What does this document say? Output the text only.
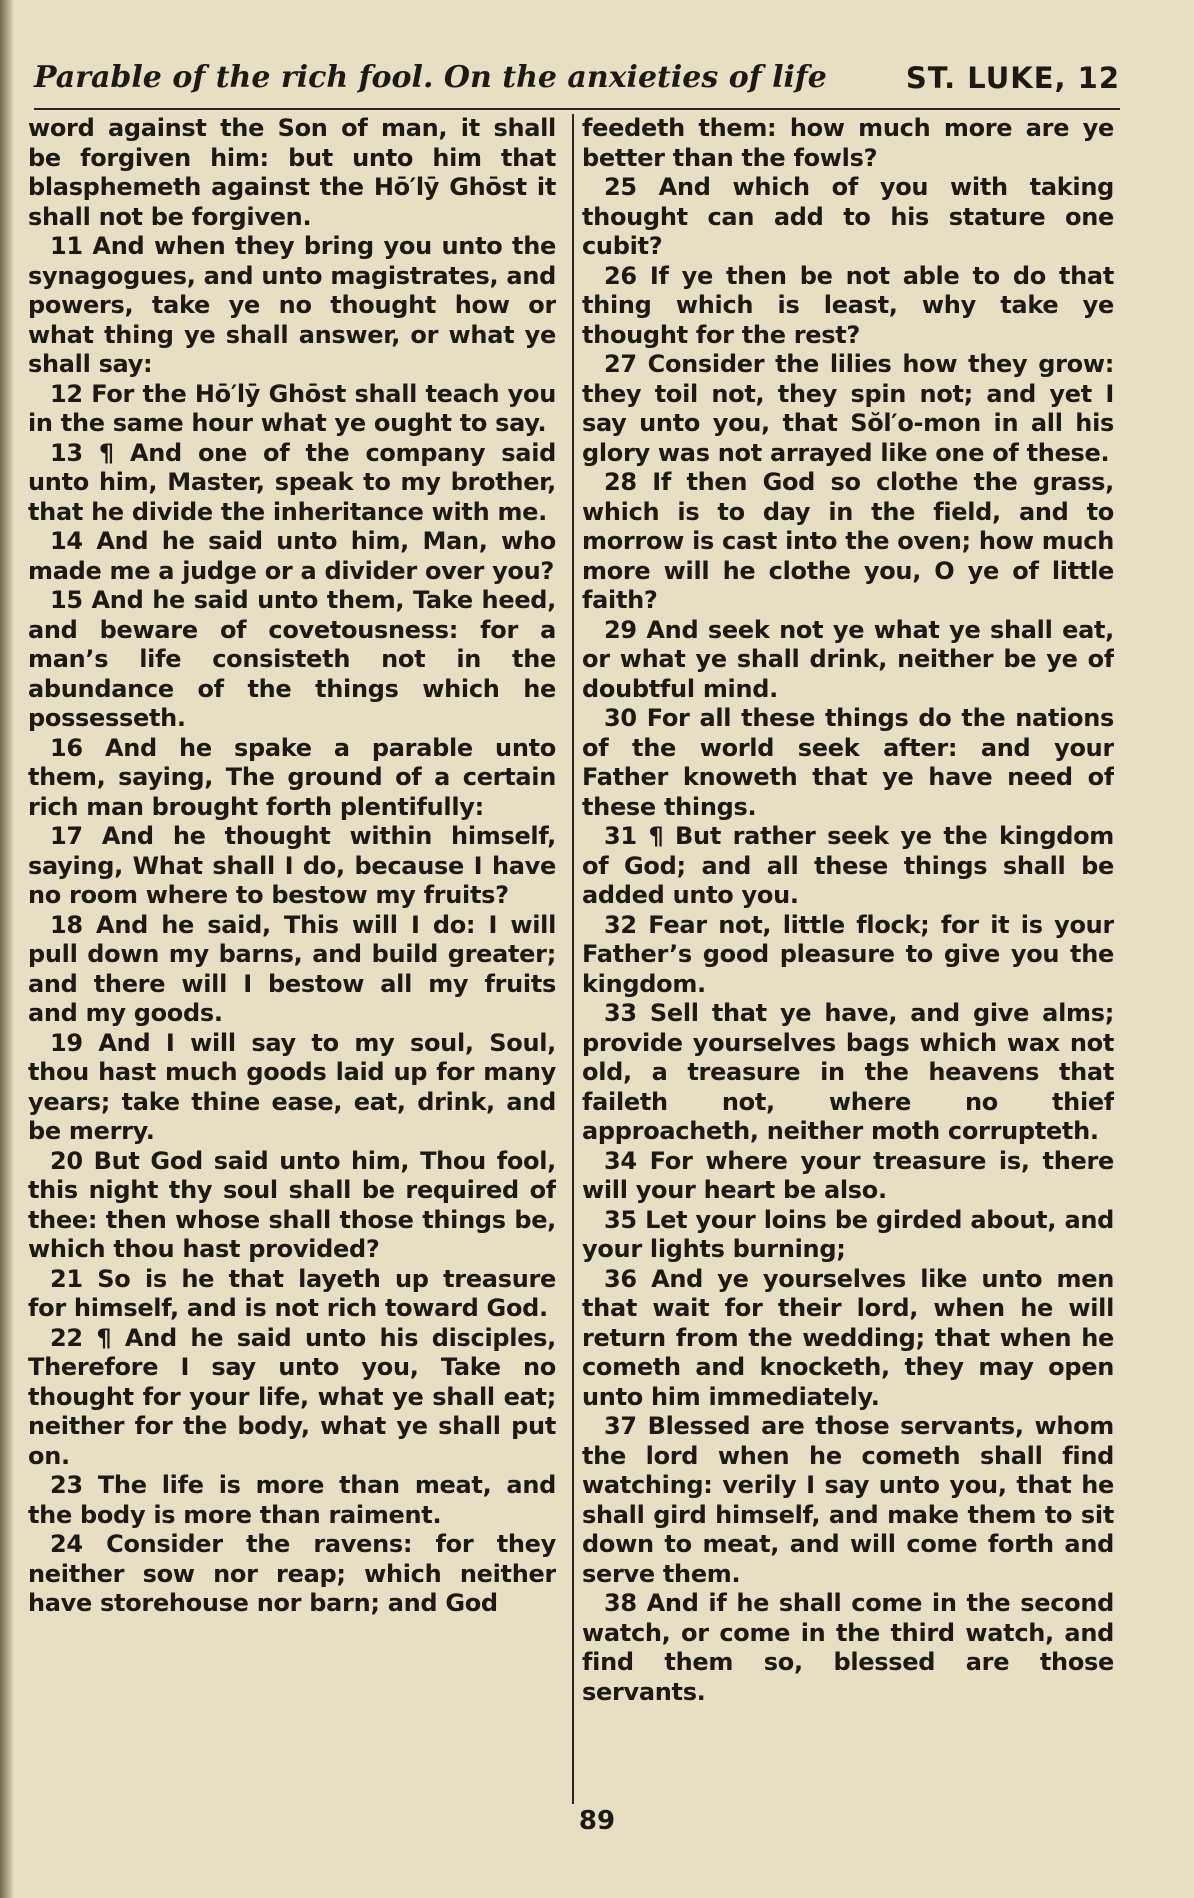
Parable of the rich fool. On the anxieties of life	ST. LUKE, 12

word against the Son of man, it shall be forgiven him: but unto him that blasphemeth against the Hō′lȳ Ghōst it shall not be forgiven.

11 And when they bring you unto the synagogues, and unto magistrates, and powers, take ye no thought how or what thing ye shall answer, or what ye shall say:

12 For the Hō′lȳ Ghōst shall teach you in the same hour what ye ought to say.

13 ¶ And one of the company said unto him, Master, speak to my brother, that he divide the inheritance with me.

14 And he said unto him, Man, who made me a judge or a divider over you?

15 And he said unto them, Take heed, and beware of covetousness: for a man’s life consisteth not in the abundance of the things which he possesseth.

16 And he spake a parable unto them, saying, The ground of a certain rich man brought forth plentifully:

17 And he thought within himself, saying, What shall I do, because I have no room where to bestow my fruits?

18 And he said, This will I do: I will pull down my barns, and build greater; and there will I bestow all my fruits and my goods.

19 And I will say to my soul, Soul, thou hast much goods laid up for many years; take thine ease, eat, drink, and be merry.

20 But God said unto him, Thou fool, this night thy soul shall be required of thee: then whose shall those things be, which thou hast provided?

21 So is he that layeth up treasure for himself, and is not rich toward God.

22 ¶ And he said unto his disciples, Therefore I say unto you, Take no thought for your life, what ye shall eat; neither for the body, what ye shall put on.

23 The life is more than meat, and the body is more than raiment.

24 Consider the ravens: for they neither sow nor reap; which neither have storehouse nor barn; and God

feedeth them: how much more are ye better than the fowls?

25 And which of you with taking thought can add to his stature one cubit?

26 If ye then be not able to do that thing which is least, why take ye thought for the rest?

27 Consider the lilies how they grow: they toil not, they spin not; and yet I say unto you, that Sŏl′o-mon in all his glory was not arrayed like one of these.

28 If then God so clothe the grass, which is to day in the field, and to morrow is cast into the oven; how much more will he clothe you, O ye of little faith?

29 And seek not ye what ye shall eat, or what ye shall drink, neither be ye of doubtful mind.

30 For all these things do the nations of the world seek after: and your Father knoweth that ye have need of these things.

31 ¶ But rather seek ye the kingdom of God; and all these things shall be added unto you.

32 Fear not, little flock; for it is your Father’s good pleasure to give you the kingdom.

33 Sell that ye have, and give alms; provide yourselves bags which wax not old, a treasure in the heavens that faileth not, where no thief approacheth, neither moth corrupteth.

34 For where your treasure is, there will your heart be also.

35 Let your loins be girded about, and your lights burning;

36 And ye yourselves like unto men that wait for their lord, when he will return from the wedding; that when he cometh and knocketh, they may open unto him immediately.

37 Blessed are those servants, whom the lord when he cometh shall find watching: verily I say unto you, that he shall gird himself, and make them to sit down to meat, and will come forth and serve them.

38 And if he shall come in the second watch, or come in the third watch, and find them so, blessed are those servants.

89
